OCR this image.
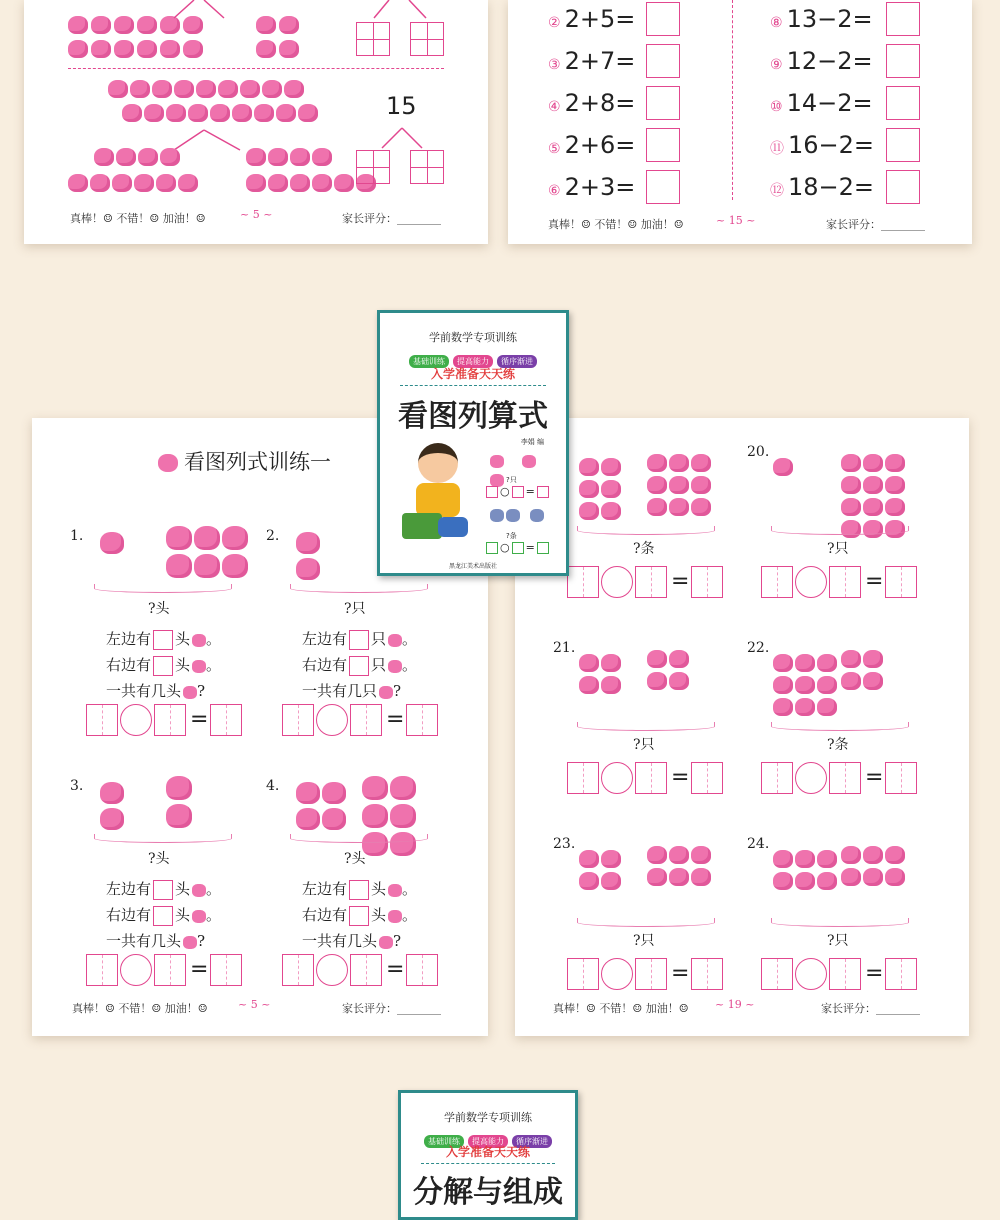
15
真棒！☺ 不错！☺ 加油！☺	~ 5 ~	家长评分：________
② 2+5=
③ 2+7=
④ 2+8=
⑤ 2+6=
⑥ 2+3=
⑧ 13−2=
⑨ 12−2=
⑩ 14−2=
⑪ 16−2=
⑫ 18−2=
真棒！☺ 不错！☺ 加油！☺	~ 15 ~	家长评分：________
看图列式训练一
真棒！☺ 不错！☺ 加油！☺	~ 5 ~	家长评分：________
1.
?头
左边有 头 。
右边有 头 。
一共有几头 ?
=
2.
?只
左边有 只 。
右边有 只 。
一共有几只 ?
=
3.
?头
左边有 头 。
右边有 头 。
一共有几头 ?
=
4.
?头
左边有 头 。
右边有 头 。
一共有几头 ?
=
真棒！☺ 不错！☺ 加油！☺ ~ 19 ~	家长评分：________
?条
=
20.
?只
=
21.
?只
=
22.
?条
=
23.
?只
=
24.
?只
=
学前数学专项训练
基础训练 提高能力 循序渐进
入学准备天天练
看图列算式
李娟 编
?只
○ =
?条
○ =
黑龙江美术出版社
学前数学专项训练
基础训练 提高能力 循序渐进
入学准备天天练
分解与组成
